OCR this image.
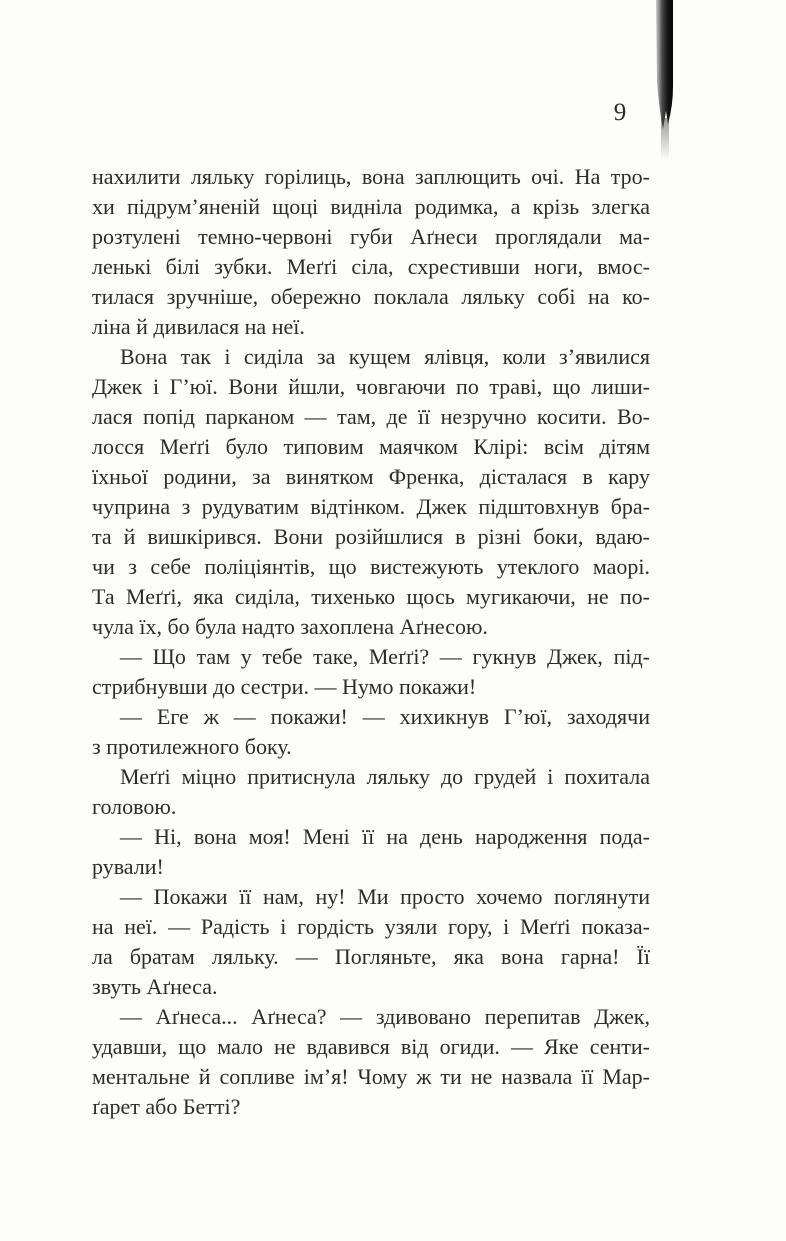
9
нахилити ляльку горілиць, вона заплющить очі. На тро-
хи підрум’яненій щоці видніла родимка, а крізь злегка
розтулені темно-червоні губи Аґнеси проглядали ма-
ленькі білі зубки. Меґґі сіла, схрестивши ноги, вмос-
тилася зручніше, обережно поклала ляльку собі на ко-
ліна й дивилася на неї.
Вона так і сиділа за кущем ялівця, коли з’явилися
Джек і Г’юї. Вони йшли, човгаючи по траві, що лиши-
лася попід парканом — там, де її незручно косити. Во-
лосся Меґґі було типовим маячком Клірі: всім дітям
їхньої родини, за винятком Френка, дісталася в кару
чуприна з рудуватим відтінком. Джек підштовхнув бра-
та й вишкірився. Вони розійшлися в різні боки, вдаю-
чи з себе поліціянтів, що вистежують утеклого маорі.
Та Меґґі, яка сиділа, тихенько щось мугикаючи, не по-
чула їх, бо була надто захоплена Аґнесою.
— Що там у тебе таке, Меґґі? — гукнув Джек, під-
стрибнувши до сестри. — Нумо покажи!
— Еге ж — покажи! — хихикнув Г’юї, заходячи
з протилежного боку.
Меґґі міцно притиснула ляльку до грудей і похитала
головою.
— Ні, вона моя! Мені її на день народження пода-
рували!
— Покажи її нам, ну! Ми просто хочемо поглянути
на неї. — Радість і гордість узяли гору, і Меґґі показа-
ла братам ляльку. — Погляньте, яка вона гарна! Її
звуть Аґнеса.
— Аґнеса... Аґнеса? — здивовано перепитав Джек,
удавши, що мало не вдавився від огиди. — Яке сенти-
ментальне й сопливе ім’я! Чому ж ти не назвала її Мар-
ґарет або Бетті?
